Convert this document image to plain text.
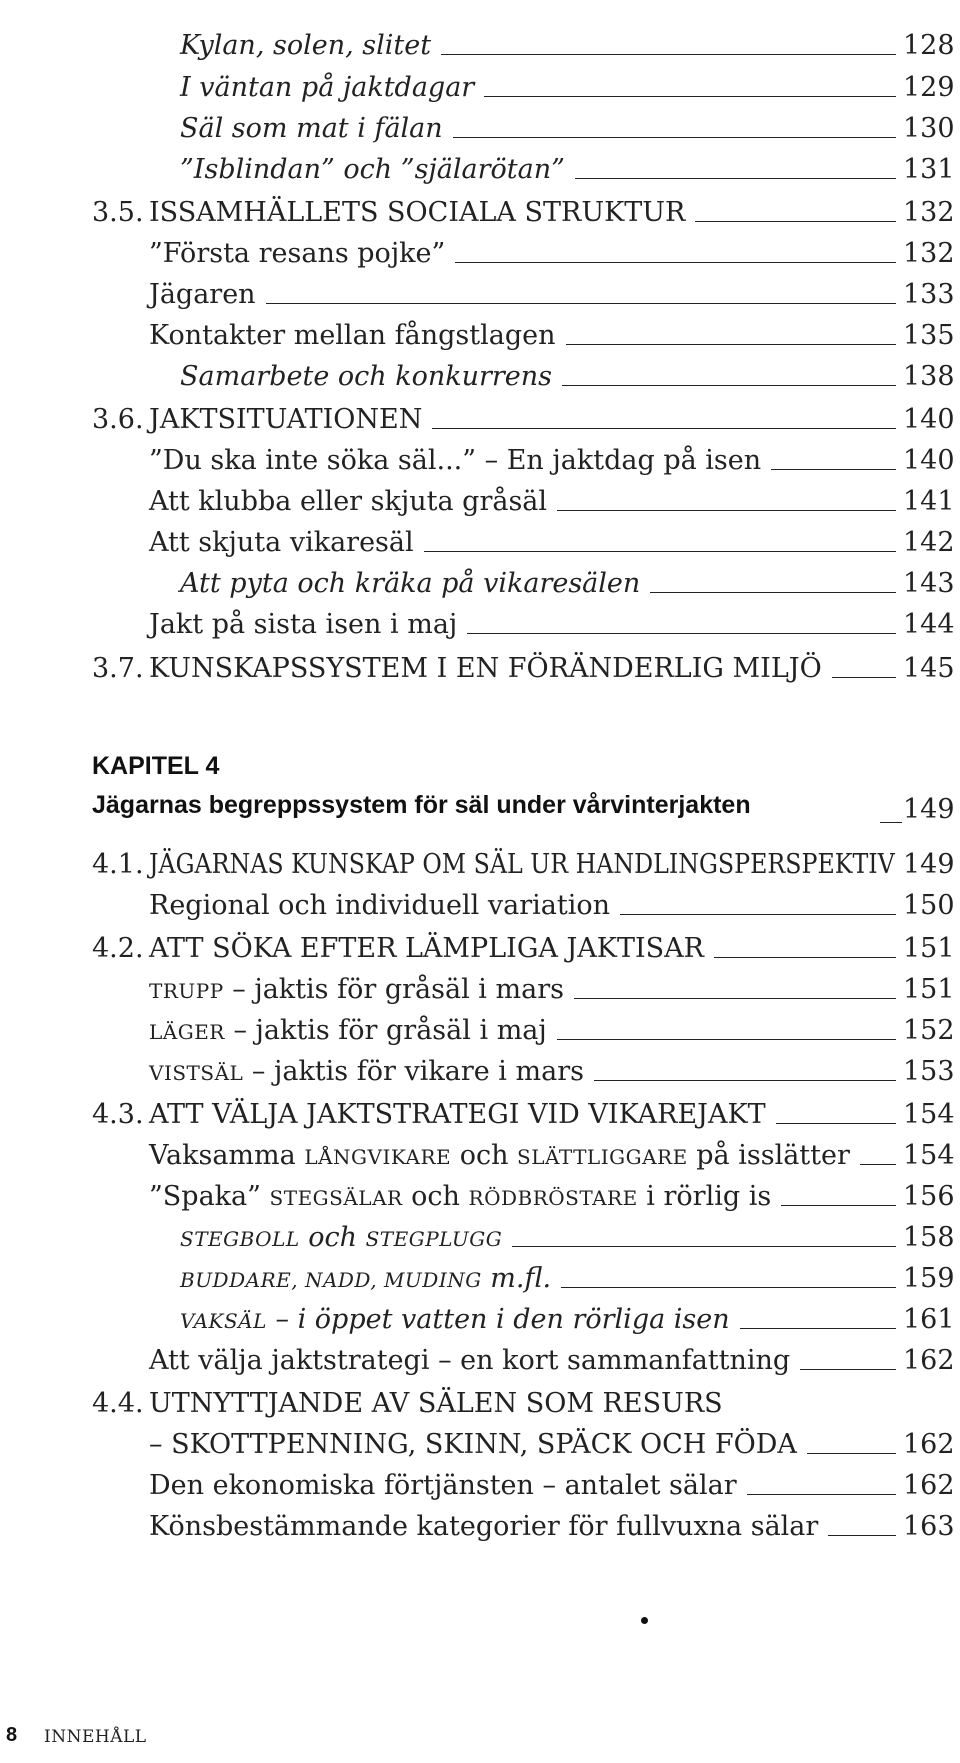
Kylan, solen, slitet	128
I väntan på jaktdagar	129
Säl som mat i fälan	130
”Isblindan” och ”själarötan”	131
3.5. ISSAMHÄLLETS SOCIALA STRUKTUR	132
”Första resans pojke”	132
Jägaren	133
Kontakter mellan fångstlagen	135
Samarbete och konkurrens	138
3.6. JAKTSITUATIONEN	140
”Du ska inte söka säl...” – En jaktdag på isen	140
Att klubba eller skjuta gråsäl	141
Att skjuta vikaresäl	142
Att pyta och kräka på vikaresälen	143
Jakt på sista isen i maj	144
3.7. KUNSKAPSSYSTEM I EN FÖRÄNDERLIG MILJÖ	145
KAPITEL 4
Jägarnas begreppssystem för säl under vårvinterjakten	149
4.1. JÄGARNAS KUNSKAP OM SÄL UR HANDLINGSPERSPEKTIV 149
Regional och individuell variation	150
4.2. ATT SÖKA EFTER LÄMPLIGA JAKTISAR	151
TRUPP – jaktis för gråsäl i mars	151
LÄGER – jaktis för gråsäl i maj	152
VISTSÄL – jaktis för vikare i mars	153
4.3. ATT VÄLJA JAKTSTRATEGI VID VIKAREJAKT	154
Vaksamma LÅNGVIKARE och SLÄTTLIGGARE på isslätter 154
”Spaka” STEGSÄLAR och RÖDBRÖSTARE i rörlig is	156
STEGBOLL och STEGPLUGG	158
BUDDARE, NADD, MUDING m.fl.	159
VAKSÄL – i öppet vatten i den rörliga isen	161
Att välja jaktstrategi – en kort sammanfattning	162
4.4. UTNYTTJANDE AV SÄLEN SOM RESURS
– SKOTTPENNING, SKINN, SPÄCK OCH FÖDA	162
Den ekonomiska förtjänsten – antalet sälar	162
Könsbestämmande kategorier för fullvuxna sälar	163
8 INNEHÅLL
